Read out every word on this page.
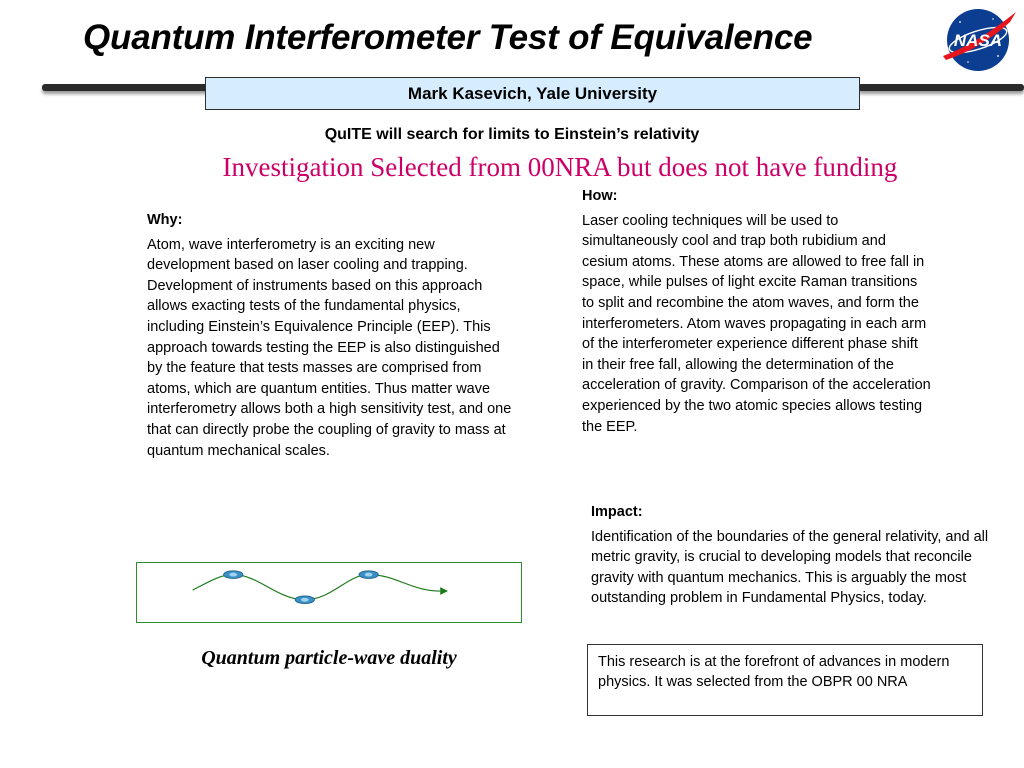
Quantum Interferometer Test of Equivalence	NASA
Mark Kasevich, Yale University
QuITE will search for limits to Einstein’s relativity
Investigation Selected from 00NRA but does not have funding
Why:
Atom, wave interferometry is an exciting new development based on laser cooling and trapping. Development of instruments based on this approach allows exacting tests of the fundamental physics, including Einstein’s Equivalence Principle (EEP). This approach towards testing the EEP is also distinguished by the feature that tests masses are comprised from atoms, which are quantum entities. Thus matter wave interferometry allows both a high sensitivity test, and one that can directly probe the coupling of gravity to mass at quantum mechanical scales.
How:
Laser cooling techniques will be used to simultaneously cool and trap both rubidium and cesium atoms. These atoms are allowed to free fall in space, while pulses of light excite Raman transitions to split and recombine the atom waves, and form the interferometers. Atom waves propagating in each arm of the interferometer experience different phase shift in their free fall, allowing the determination of the acceleration of gravity. Comparison of the acceleration experienced by the two atomic species allows testing the EEP.
Impact:
Identification of the boundaries of the general relativity, and all metric gravity, is crucial to developing models that reconcile gravity with quantum mechanics. This is arguably the most outstanding problem in Fundamental Physics, today.
Quantum particle-wave duality	This research is at the forefront of advances in modern physics. It was selected from the OBPR 00 NRA
